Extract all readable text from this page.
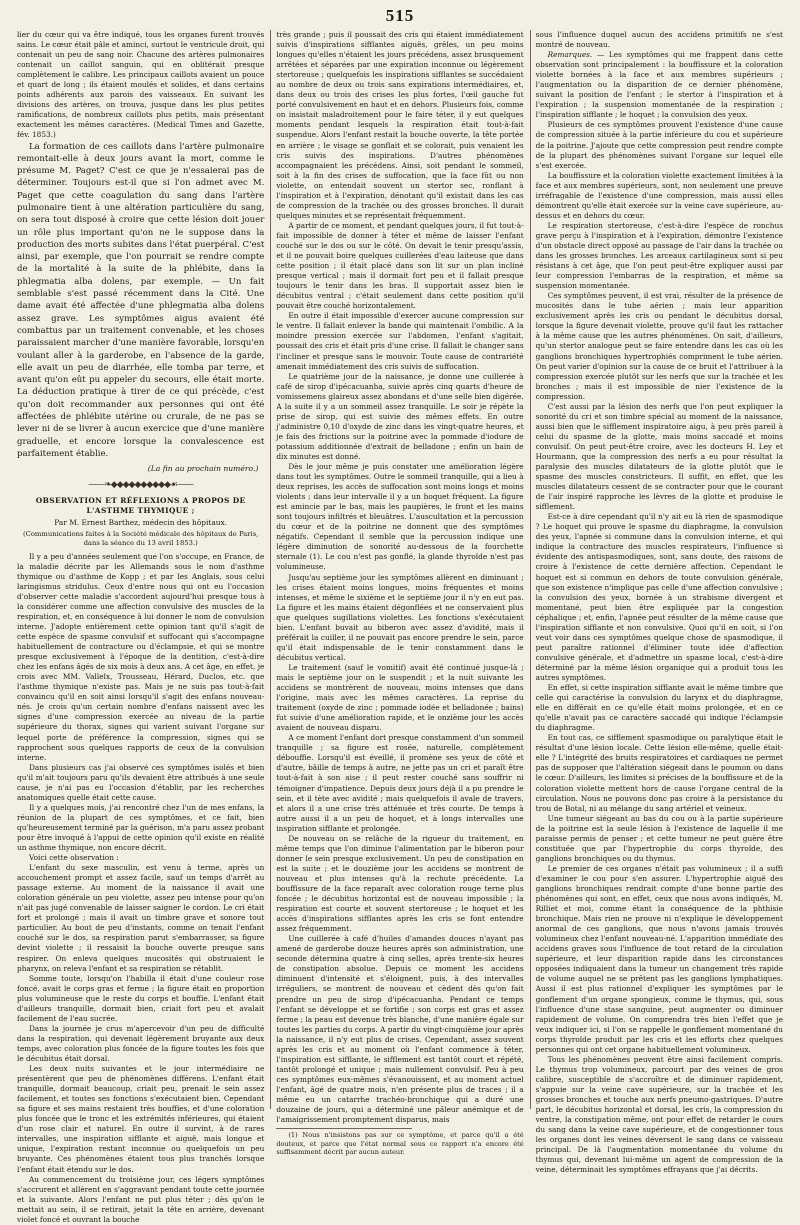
515

lier du cœur qui va être indiqué, tous les organes furent trouvés sains. Le cœur était pâle et aminci, surtout le ventricule droit, qui contenait un peu de sang noir. Chacune des artères pulmonaires contenait un caillot sanguin, qui en oblitérait presque complètement le calibre. Les principaux caillots avaient un pouce et quart de long ; ils étaient moulés et solides, et dans certains points adhérents aux parois des vaisseaux. En suivant les divisions des artères, on trouva, jusque dans les plus petites ramifications, de nombreux caillots plus petits, mais présentant exactement les mêmes caractères. (Medical Times and Gazette, fév. 1853.)

La formation de ces caillots dans l'artère pulmonaire remontait-elle à deux jours avant la mort, comme le présume M. Paget? C'est ce que je n'essaierai pas de déterminer. Toujours est-il que si l'on admet avec M. Paget que cette coagulation du sang dans l'artère pulmonaire tient à une altération particulière du sang, on sera tout disposé à croire que cette lésion doit jouer un rôle plus important qu'on ne le suppose dans la production des morts subites dans l'état puerpéral. C'est ainsi, par exemple, que l'on pourrait se rendre compte de la mortalité à la suite de la phlébite, dans la phlegmatia alba dolens, par exemple. — Un fait semblable s'est passé récemment dans la Cité. Une dame avait été affectée d'une phlegmatia alba dolens assez grave. Les symptômes aigus avaient été combattus par un traitement convenable, et les choses paraissaient marcher d'une manière favorable, lorsqu'en voulant aller à la garderobe, en l'absence de la garde, elle avait un peu de diarrhée, elle tomba par terre, et avant qu'on eût pu appeler du secours, elle était morte. La déduction pratique à tirer de ce qui précède, c'est qu'on doit recommander aux personnes qui ont été affectées de phlébite utérine ou crurale, de ne pas se lever ni de se livrer à aucun exercice que d'une manière graduelle, et encore lorsque la convalescence est parfaitement établie.

(La fin au prochain numéro.)
——❧◆◆◆◆◆◆◆◆◆◆☙——
OBSERVATION ET RÉFLEXIONS A PROPOS DE L'ASTHME THYMIQUE ;
Par M. Ernest Barthez, médecin des hôpitaux.
(Communications faites à la Société médicale des hôpitaux de Paris, dans la séance du 13 avril 1853.)

Il y a peu d'années seulement que l'on s'occupe, en France, de la maladie décrite par les Allemands sous le nom d'asthme thymique ou d'asthme de Kopp ; et par les Anglais, sous celui laringismus stridulus. Ceux d'entre nous qui ont eu l'occasion d'observer cette maladie s'accordent aujourd'hui presque tous à la considérer comme une affection convulsive des muscles de la respiration, et, en conséquence à lui donner le nom de convulsion interne. J'adopte entièrement cette opinion tant qu'il s'agit de cette espèce de spasme convulsif et suffocant qui s'accompagne habituellement de contracture ou d'éclampsie, et qui se montre presque exclusivement à l'époque de la dentition, c'est-à-dire chez les enfans âgés de six mois à deux ans. A cet âge, en effet, je crois avec MM. Vallelx, Trousseau, Hérard, Duclos, etc. que l'asthme thymique n'existe pas. Mais je ne suis pas tout-à-fait convaincu qu'il en soit ainsi lorsqu'il s'agit des enfans nouveau-nés. Je crois qu'un certain nombre d'enfans naissent avec les signes d'une compression exercée au niveau de la partie supérieure du thorax, signes qui varient suivant l'organe sur lequel porte de préférence la compression, signes qui se rapprochent sous quelques rapports de ceux de la convulsion interne.

Dans plusieurs cas j'ai observé ces symptômes isolés et bien qu'il m'ait toujours paru qu'ils devaient être attribués à une seule cause, je n'ai pas eu l'occasion d'établir, par les recherches anatomiques quelle était cette cause.

Il y a quelques mois, j'ai rencontré chez l'un de mes enfans, la réunion de la plupart de ces symptômes, et ce fait, bien qu'heureusement terminé par la guérison, m'a paru assez probant pour être invoqué à l'appui de cette opinion qu'il existe en réalité un asthme thymique, non encore décrit.

Voici cette observation :

L'enfant du sexe masculin, est venu à terme, après un accouchement prompt et assez facile, sauf un temps d'arrêt au passage externe. Au moment de la naissance il avait une coloration générale un peu violette, assez peu intense pour qu'on n'ait pas jugé convenable de laisser saigner le cordon. Le cri était fort et prolongé ; mais il avait un timbre grave et sonore tout particulier. Au bout de peu d'instants, comme on tenait l'enfant couché sur le dos, sa respiration parut s'embarrasser, sa figure devint violette ; il ressaisit la bouche ouverte presque sans respirer. On enleva quelques mucosités qui obstruaient le pharynx, on releva l'enfant et sa respiration se rétablit.

Somme toute, lorsqu'on l'habilla il était d'une couleur rose foncé, avait le corps gras et ferme ; la figure était en proportion plus volumineuse que le reste du corps et bouffie. L'enfant était d'ailleurs tranquille, dormait bien, criait fort peu et avalait facilement de l'eau sucrée.

Dans la journée je crus m'apercevoir d'un peu de difficulté dans la respiration, qui devenait légèrement bruyante aux deux temps, avec coloration plus foncée de la figure toutes les fois que le décubitus était dorsal.

Les deux nuits suivantes et le jour intermédiaire ne présentèrent que peu de phénomènes différens. L'enfant était tranquille, dormait beaucoup, criait peu, prenait le sein assez facilement, et toutes ses fonctions s'exécutaient bien. Cependant sa figure et ses mains restaient très bouffies, et d'une coloration plus foncée que le tronc et les extrémités inférieures, qui étaient d'un rose clair et naturel. En outre il survint, à de rares intervalles, une inspiration sifflante et aiguë, mais longue et unique, l'expiration restant inconnue ou quelquefois un peu bruyante. Ces phénomènes étaient tous plus tranchés lorsque l'enfant était étendu sur le dos.

Au commencement du troisième jour, ces légers symptômes s'accrurent et allèrent en s'aggravant pendant toute cette journée et la suivante. Alors l'enfant ne put plus téter ; dès qu'on le mettait au sein, il se retirait, jetait la tête en arrière, devenant violet foncé et ouvrant la bouche

très grande ; puis il poussait des cris qui étaient immédiatement suivis d'inspirations sifflantes aiguës, grêles, un peu moins longues qu'elles n'étaient les jours précédens, assez brusquement arrêtées et séparées par une expiration inconnue ou légèrement stertoreuse ; quelquefois les inspirations sifflantes se succédaient au nombre de deux ou trois sans expirations intermédiaires, et, dans deux ou trois des crises les plus fortes, l'œil gauche fut porté convulsivement en haut et en dehors. Plusieurs fois, comme on insistait maladroitement pour le faire téter, il y eut quelques moments pendant lesquels la respiration était tout-à-fait suspendue. Alors l'enfant restait la bouche ouverte, la tête portée en arrière ; le visage se gonflait et se colorait, puis venaient les cris suivis des inspirations. D'autres phénomènes accompagnaient les précédens. Ainsi, soit pendant le sommeil, soit à la fin des crises de suffocation, que la face fût ou non violette, on entendait souvent un stertor sec, ronflant à l'inspiration et à l'expiration, dénotant qu'il existait dans les cas de compression de la trachée ou des grosses bronches. Il durait quelques minutes et se représentait fréquemment.

A partir de ce moment, et pendant quelques jours, il fut tout-à-fait impossible de donner à téter et même de laisser l'enfant couché sur le dos ou sur le côté. On devait le tenir presqu'assis, et il ne pouvait boire quelques cuillerées d'eau laiteuse que dans cette position ; il était placé dans son lit sur un plan incliné presque vertical ; mais il dormait fort peu et il fallait presque toujours le tenir dans les bras. Il supportait assez bien le décubitus ventral ; c'était seulement dans cette position qu'il pouvait être couché horizontalement.

En outre il était impossible d'exercer aucune compression sur le ventre. Il fallait enlever la bande qui maintenait l'ombilic. A la moindre pression exercée sur l'abdomen, l'enfant s'agitait, poussait des cris et était pris d'une crise. Il fallait le changer sans l'incliner et presque sans le mouvoir. Toute cause de contrariété amenait immédiatement des cris suivis de suffocation.

Le quatrième jour de la naissance, je donne une cuillerée à café de sirop d'ipécacuanha, suivie après cinq quarts d'heure de vomissemens glaireux assez abondans et d'une selle bien digérée. A la suite il y a un sommeil assez tranquille. Le soir je répète la prise de sirop, qui est suivie des mêmes effets. En outre j'administre 0,10 d'oxyde de zinc dans les vingt-quatre heures, et je fais des frictions sur la poitrine avec la pommade d'iodure de potassium additionnée d'extrait de belladone ; enfin un bain de dix minutes est donné.

Dès le jour même je puis constater une amélioration légère dans tout les symptômes. Outre le sommeil tranquille, qui a lieu à deux reprises, les accès de suffocation sont moins longs et moins violents ; dans leur intervalle il y a un hoquet fréquent. La figure est amincie par le bas, mais les paupières, le front et les mains sont toujours infiltrés et bleuâtres. L'auscultation et la percussion du cœur et de la poitrine ne donnent que des symptômes négatifs. Cependant il semble que la percussion indique une légère diminution de sonorité au-dessous de la fourchette sternale (1). Le cou n'est pas gonflé, la glande thyroïde n'est pas volumineuse.

Jusqu'au septième jour les symptômes allèrent en diminuant ; les crises étaient moins longues, moins fréquentes et moins intenses, et même le sixième et le septième jour il n'y en eut pas. La figure et les mains étaient dégonflées et ne conservaient plus que quelques sugillations violettes. Les fonctions s'exécutaient bien. L'enfant buvait au biberon avec assez d'avidité, mais il préférait la cuiller, il ne pouvait pas encore prendre le sein, parce qu'il était indispensable de le tenir constamment dans le décubitus vertical.

Le traitement (sauf le vomitif) avait été continué jusque-là ; mais le septième jour on le suspendit ; et la nuit suivante les accidens se montrèrent de nouveau, moins intenses que dans l'origine, mais avec les mêmes caractères. La reprise du traitement (oxyde de zinc ; pommade iodée et belladonée ; bains) fut suivie d'une amélioration rapide, et le onzième jour les accès avaient de nouveau disparu.

A ce moment l'enfant dort presque constamment d'un sommeil tranquille ; sa figure est rosée, naturelle, complètement débouffie. Lorsqu'il est éveillé, il promène ses yeux de côté et d'autre, bâille de temps à autre, ne jette pas un cri et paraît être tout-à-fait à son aise ; il peut rester couché sans souffrir ni témoigner d'impatience. Depuis deux jours déjà il a pu prendre le sein, et il tète avec avidité ; mais quelquefois il avale de travers, et alors il a une crise très atténuée et très courte. De temps à autre aussi il a un peu de hoquet, et à longs intervalles une inspiration sifflante et prolongée.

De nouveau on se relâche de la rigueur du traitement, en même temps que l'on diminue l'alimentation par le biberon pour donner le sein presque exclusivement. Un peu de constipation en est la suite ; et le douzième jour les accidens se montrent de nouveau et plus intenses qu'à la rechute précédente. La bouffissure de la face reparaît avec coloration rouge terne plus foncée ; le décubitus horizontal est de nouveau impossible ; la respiration est courte et souvent stertoreuse ; le hoquet et les accès d'inspirations sifflantes après les cris se font entendre assez fréquemment.

Une cuillerée à café d'huiles d'amandes douces n'ayant pas amené de garderobe douze heures après son administration, une seconde détermina quatre à cinq selles, après trente-six heures de constipation absolue. Depuis ce moment les accidens diminuent d'intensité et s'éloignent, puis, à des intervalles irréguliers, se montrent de nouveau et cèdent dès qu'on fait prendre un peu de sirop d'ipécacuanha. Pendant ce temps l'enfant se développe et se fortifie ; son corps est gras et assez ferme ; la peau est devenue très blanche, d'une manière égale sur toutes les parties du corps. A partir du vingt-cinquième jour après la naissance, il n'y eut plus de crises. Cependant, assez souvent après les cris et au moment où l'enfant commence à téter, l'inspiration est sifflante, le sifflement est tantôt court et répété, tantôt prolongé et unique ; mais nullement convulsif. Peu à peu ces symptômes eux-mêmes s'évanouissent, et au moment actuel l'enfant, âgé de quatre mois, n'en présente plus de traces ; il a même eu un catarrhe trachéo-bronchique qui a duré une douzaine de jours, qui a déterminé une pâleur anémique et de l'amaigrissement promptement disparus, mais

(1) Nous n'insistons pas sur ce symptôme, et parce qu'il a été douteux, et parce que l'état normal sous ce rapport n'a encore été suffisamment décrit par aucun auteur.

sous l'influence duquel aucun des accidens primitifs ne s'est montré de nouveau.

Remarques. — Les symptômes qui me frappent dans cette observation sont principalement : la bouffissure et la coloration violette bornées à la face et aux membres supérieurs ; l'augmentation ou la disparition de ce dernier phénomène, suivant la position de l'enfant ; le stertor à l'inspiration et à l'expiration ; la suspension momentanée de la respiration ; l'inspiration sifflante ; le hoquet ; la convulsion des yeux.

Plusieurs de ces symptômes prouvent l'existence d'une cause de compression située à la partie inférieure du cou et supérieure de la poitrine. J'ajoute que cette compression peut rendre compte de la plupart des phénomènes suivant l'organe sur lequel elle s'est exercée.

La bouffissure et la coloration violette exactement limitées à la face et aux membres supérieurs, sont, non seulement une preuve irréfragable de l'existence d'une compression, mais aussi elles démontrent qu'elle était exercée sur la veine cave supérieure, au-dessus et en dehors du cœur.

Le respiration stertoreuse, c'est-à-dire l'espèce de ronchus grave perçu à l'inspiration et à l'expiration, démontre l'existence d'un obstacle direct opposé au passage de l'air dans la trachée ou dans les grosses bronches. Les arceaux cartilagineux sont si peu résistans à cet âge, que l'on peut peut-être expliquer aussi par leur compression l'embarras de la respiration, et même sa suspension momentanée.

Ces symptômes peuvent, il est vrai, résulter de la présence de mucosités dans le tube aérien ; mais leur apparition exclusivement après les cris ou pendant le décubitus dorsal, lorsque la figure devenait violette, prouve qu'il faut les rattacher à la même cause que les autres phénomènes. On sait, d'ailleurs, qu'un stertor analogue peut se faire entendre dans les cas où les ganglions bronchiques hypertrophiés compriment le tube aérien. On peut varier d'opinion sur la cause de ce bruit et l'attribuer à la compression exercée plutôt sur les nerfs que sur la trachée et les bronches ; mais il est impossible de nier l'existence de la compression.

C'est aussi par la lésion des nerfs que l'on peut expliquer la sonorité du cri et son timbre spécial au moment de la naissance, aussi bien que le sifflement inspiratoire aigu, à peu près pareil à celui du spasme de la glotte, mais moins saccadé et moins convulsif. On peut peut-être croire, avec les docteurs H. Ley et Hourmann, que la compression des nerfs a eu pour résultat la paralysie des muscles dilatateurs de la glotte plutôt que le spasme des muscles constricteurs. Il suffit, en effet, que les muscles dilatateurs cessent de se contracter pour que le courant de l'air inspiré rapproche les lèvres de la glotte et produise le sifflement.

Est-ce à dire cependant qu'il n'y ait eu là rien de spasmodique ? Le hoquet qui prouve le spasme du diaphragme, la convulsion des yeux, l'apnée si commune dans la convulsion interne, et qui indique la contracture des muscles respirateurs, l'influence si évidente des antispasmodiques, sont, sans doute, des raisons de croire à l'existence de cette dernière affection. Cependant le hoquet est si commun en dehors de toute convulsion générale, que son existence n'implique pas celle d'une affection convulsive ; la convulsion des yeux, bornée à un strabisme divergent et momentané, peut bien être expliquée par la congestion céphalique ; et, enfin, l'apnée peut résulter de la même cause que l'inspiration sifflante et non convulsive. Quoi qu'il en soit, si l'on veut voir dans ces symptômes quelque chose de spasmodique, il peut paraître rationnel d'éliminer toute idée d'affection convulsive générale, et d'admettre un spasme local, c'est-à-dire déterminé par la même lésion organique qui a produit tous les autres symptômes.

En effet, si cette inspiration sifflante avait le même timbre que celle qui caractérise la convulsion du larynx et du diaphragme, elle en différait en ce qu'elle était moins prolongée, et en ce qu'elle n'avait pas ce caractère saccadé qui indique l'éclampsie du diaphragme.

En tout cas, ce sifflement spasmodique ou paralytique était le résultat d'une lésion locale. Cette lésion elle-même, quelle était-elle ? L'intégrité des bruits respiratoires et cardiaques ne permet pas de supposer que l'altération siégeait dans le poumon ou dans le cœur. D'ailleurs, les limites si précises de la bouffissure et de la coloration violette mettent hors de cause l'organe central de la circulation. Nous ne pouvons donc pas croire à la persistance du trou de Botal, ni au mélange du sang artériel et veineux.

Une tumeur siégeant au bas du cou ou à la partie supérieure de la poitrine est la seule lésion à l'existence de laquelle il me paraisse permis de penser ; et cette tumeur ne peut guère être constituée que par l'hypertrophie du corps thyroïde, des ganglions bronchiques ou du thymus.

Le premier de ces organes n'était pas volumineux ; il a suffi d'examiner le cou pour s'en assurer. L'hypertrophie aiguë des ganglions bronchiques rendrait compte d'une bonne partie des phénomènes qui sont, en effet, ceux que nous avons indiqués, M. Rilliet et moi, comme étant la conséquence de la phthisie bronchique. Mais rien ne prouve ni n'explique le développement anormal de ces ganglions, que nous n'avons jamais trouvés volumineux chez l'enfant nouveau-né. L'apparition immédiate des accidens graves sous l'influence de tout retard de la circulation supérieure, et leur disparition rapide dans les circonstances opposées indiquaient dans la tumeur un changement très rapide de volume auquel ne se prêtent pas les ganglions lymphatiques. Aussi il est plus rationnel d'expliquer les symptômes par le gonflement d'un organe spongieux, comme le thymus, qui, sous l'influence d'une stase sanguine, peut augmenter ou diminuer rapidement de volume. On comprendra très bien l'effet que je veux indiquer ici, si l'on se rappelle le gonflement momentané du corps thyroïde produit par les cris et les efforts chez quelques personnes qui ont cet organe habituellement volumineux.

Tous les phénomènes peuvent être ainsi facilement compris. Le thymus trop volumineux, parcourt par des veines de gros calibre, susceptible de s'accroître et de diminuer rapidement, s'appuie sur la veine cave supérieure, sur la trachée et les grosses bronches et touche aux nerfs pneumo-gastriques. D'autre part, le décubitus horizontal et dorsal, les cris, la compression du ventre, la constipation même, ont pour effet de retarder le cours du sang dans la veine cave supérieure, et de congestionner tous les organes dont les veines déversent le sang dans ce vaisseau principal. De là l'augmentation momentanée du volume du thymus qui, devenant lui-même un agent de compression de la veine, déterminait les symptômes effrayans que j'ai décrits.
